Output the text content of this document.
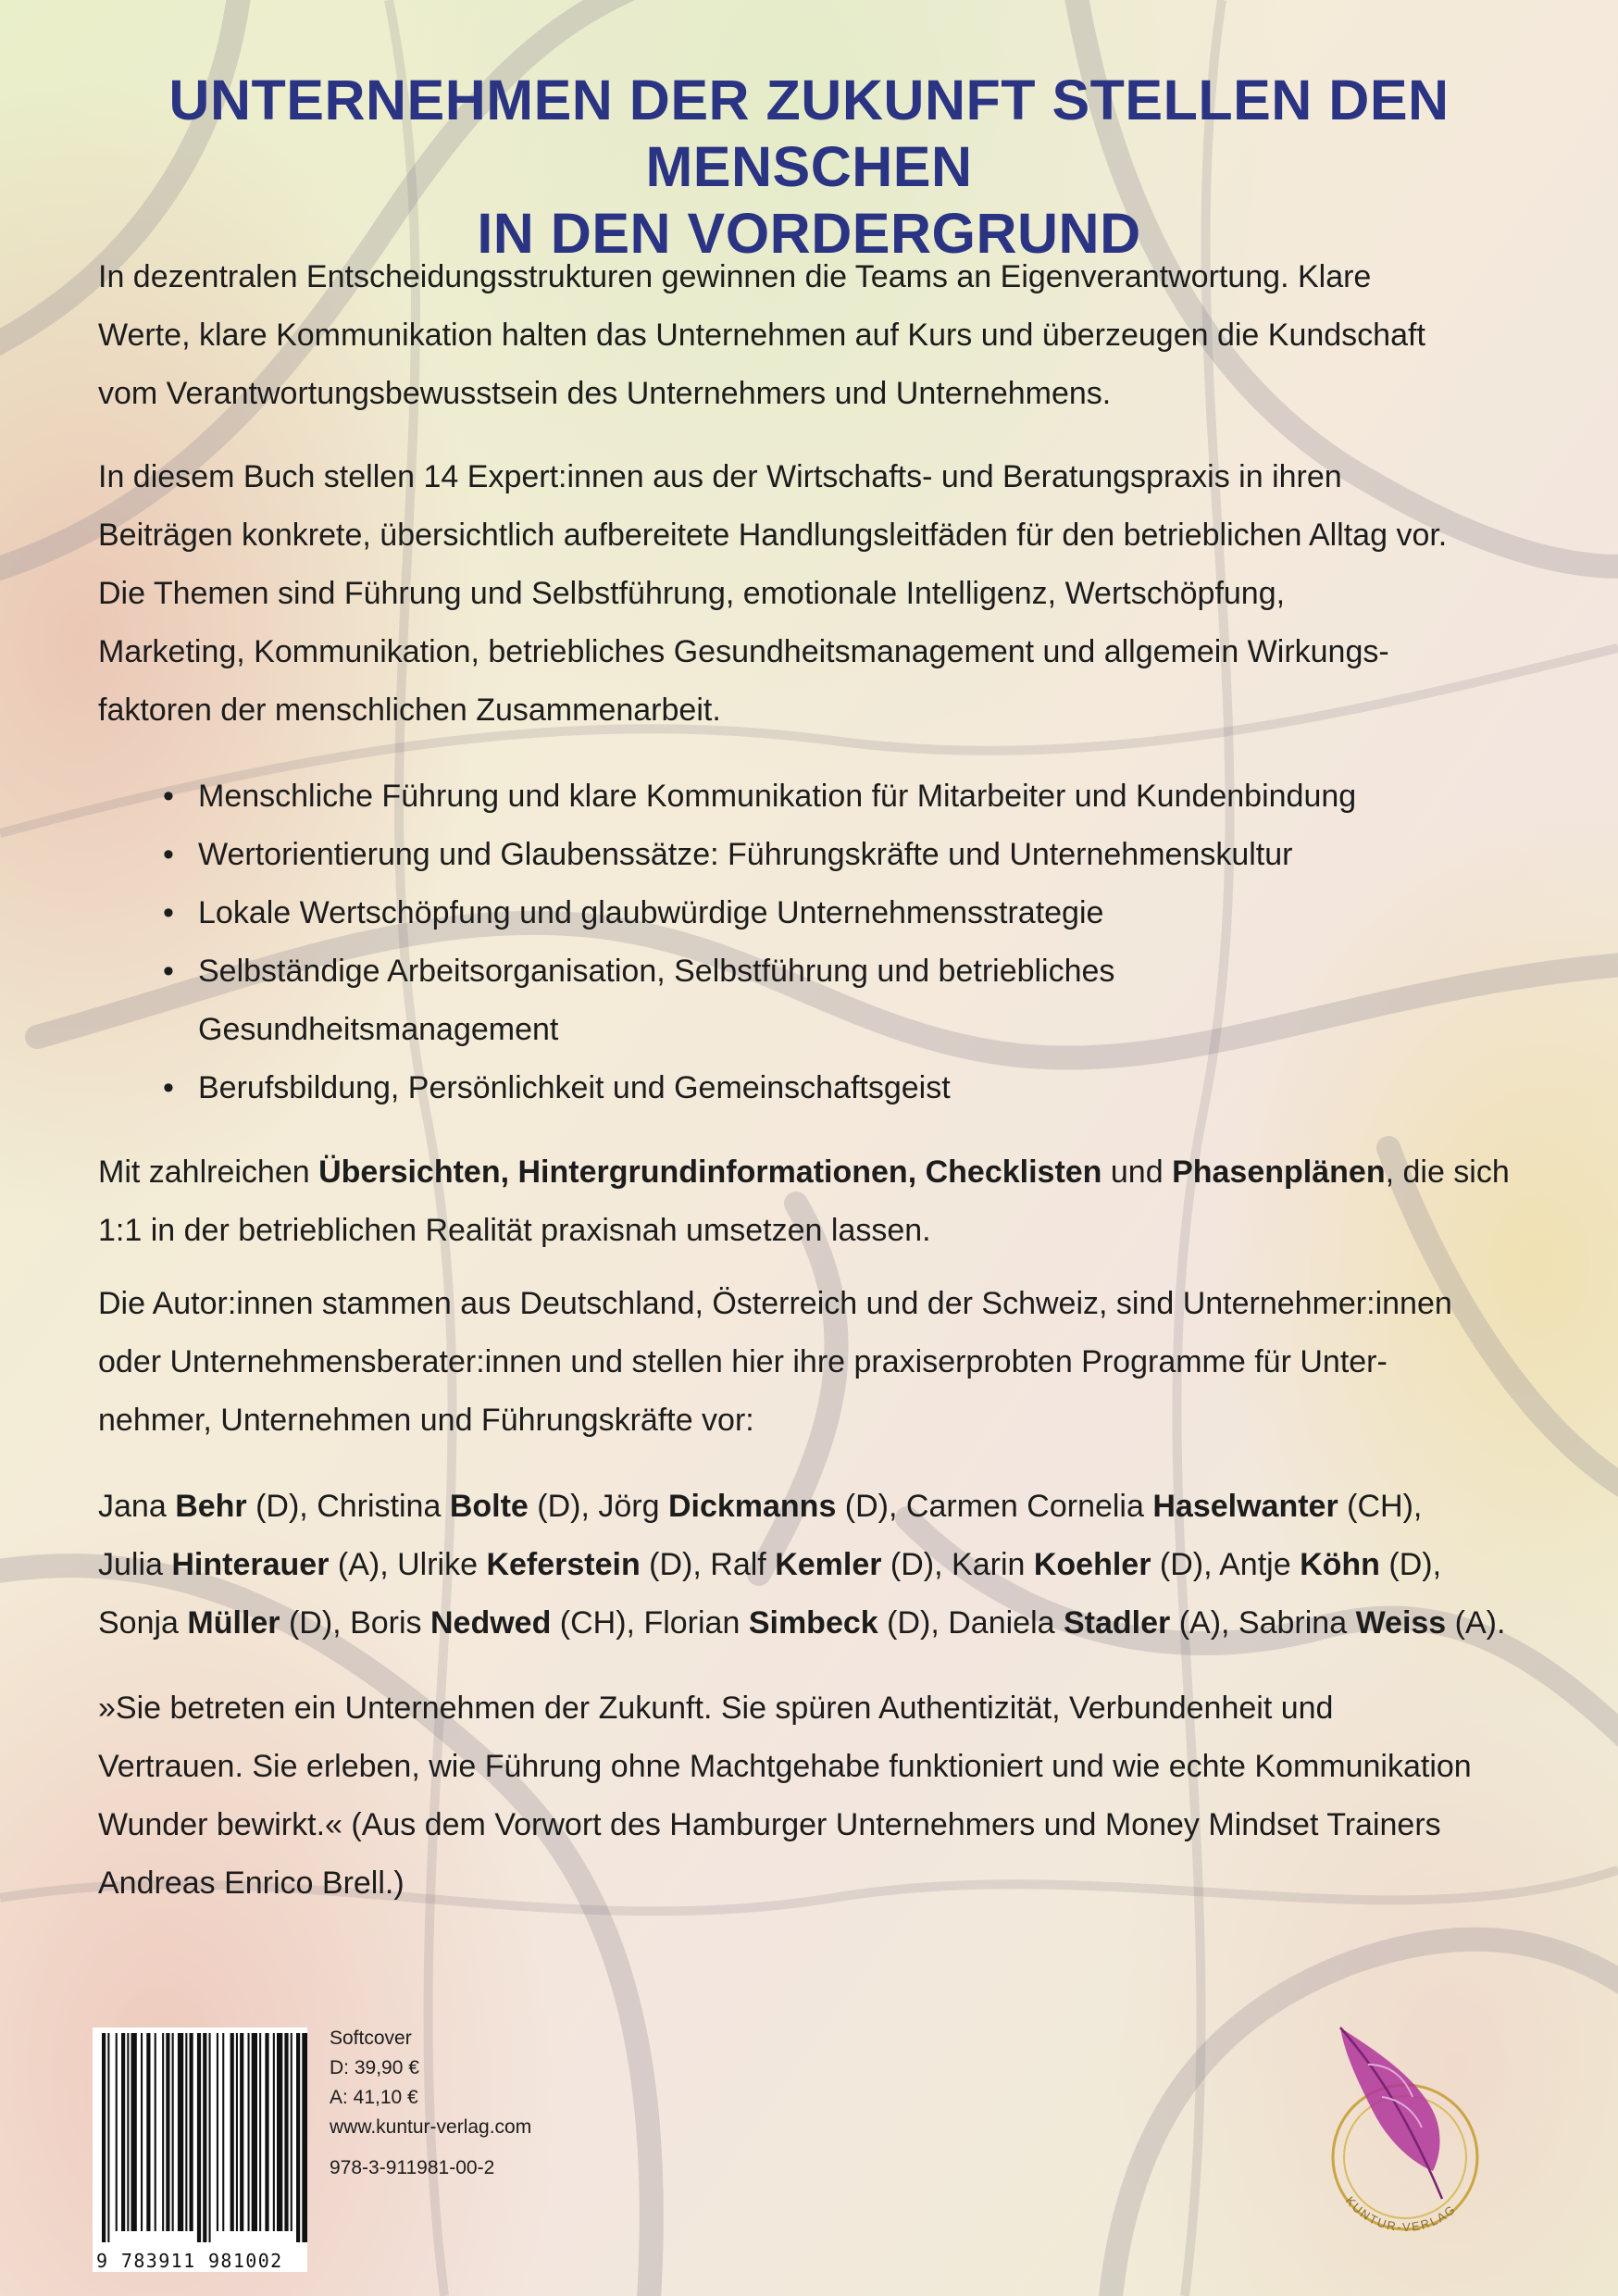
UNTERNEHMEN DER ZUKUNFT STELLEN DEN MENSCHEN
IN DEN VORDERGRUND
In dezentralen Entscheidungsstrukturen gewinnen die Teams an Eigenverantwortung. Klare
Werte, klare Kommunikation halten das Unternehmen auf Kurs und überzeugen die Kundschaft
vom Verantwortungsbewusstsein des Unternehmers und Unternehmens.
In diesem Buch stellen 14 Expert:innen aus der Wirtschafts- und Beratungspraxis in ihren
Beiträgen konkrete, übersichtlich aufbereitete Handlungsleitfäden für den betrieblichen Alltag vor.
Die Themen sind Führung und Selbstführung, emotionale Intelligenz, Wertschöpfung,
Marketing, Kommunikation, betriebliches Gesundheitsmanagement und allgemein Wirkungs-
faktoren der menschlichen Zusammenarbeit.
• Menschliche Führung und klare Kommunikation für Mitarbeiter und Kundenbindung
• Wertorientierung und Glaubenssätze: Führungskräfte und Unternehmenskultur
• Lokale Wertschöpfung und glaubwürdige Unternehmensstrategie
• Selbständige Arbeitsorganisation, Selbstführung und betriebliches
Gesundheitsmanagement
• Berufsbildung, Persönlichkeit und Gemeinschaftsgeist
Mit zahlreichen Übersichten, Hintergrundinformationen, Checklisten und Phasenplänen, die sich
1:1 in der betrieblichen Realität praxisnah umsetzen lassen.
Die Autor:innen stammen aus Deutschland, Österreich und der Schweiz, sind Unternehmer:innen
oder Unternehmensberater:innen und stellen hier ihre praxiserprobten Programme für Unter-
nehmer, Unternehmen und Führungskräfte vor:
Jana Behr (D), Christina Bolte (D), Jörg Dickmanns (D), Carmen Cornelia Haselwanter (CH),
Julia Hinterauer (A), Ulrike Keferstein (D), Ralf Kemler (D), Karin Koehler (D), Antje Köhn (D),
Sonja Müller (D), Boris Nedwed (CH), Florian Simbeck (D), Daniela Stadler (A), Sabrina Weiss (A).
»Sie betreten ein Unternehmen der Zukunft. Sie spüren Authentizität, Verbundenheit und
Vertrauen. Sie erleben, wie Führung ohne Machtgehabe funktioniert und wie echte Kommunikation
Wunder bewirkt.« (Aus dem Vorwort des Hamburger Unternehmers und Money Mindset Trainers
Andreas Enrico Brell.)
9 783911 981002
Softcover
D: 39,90 €
A: 41,10 €
www.kuntur-verlag.com
978-3-911981-00-2
KUNTUR-VERLAG
